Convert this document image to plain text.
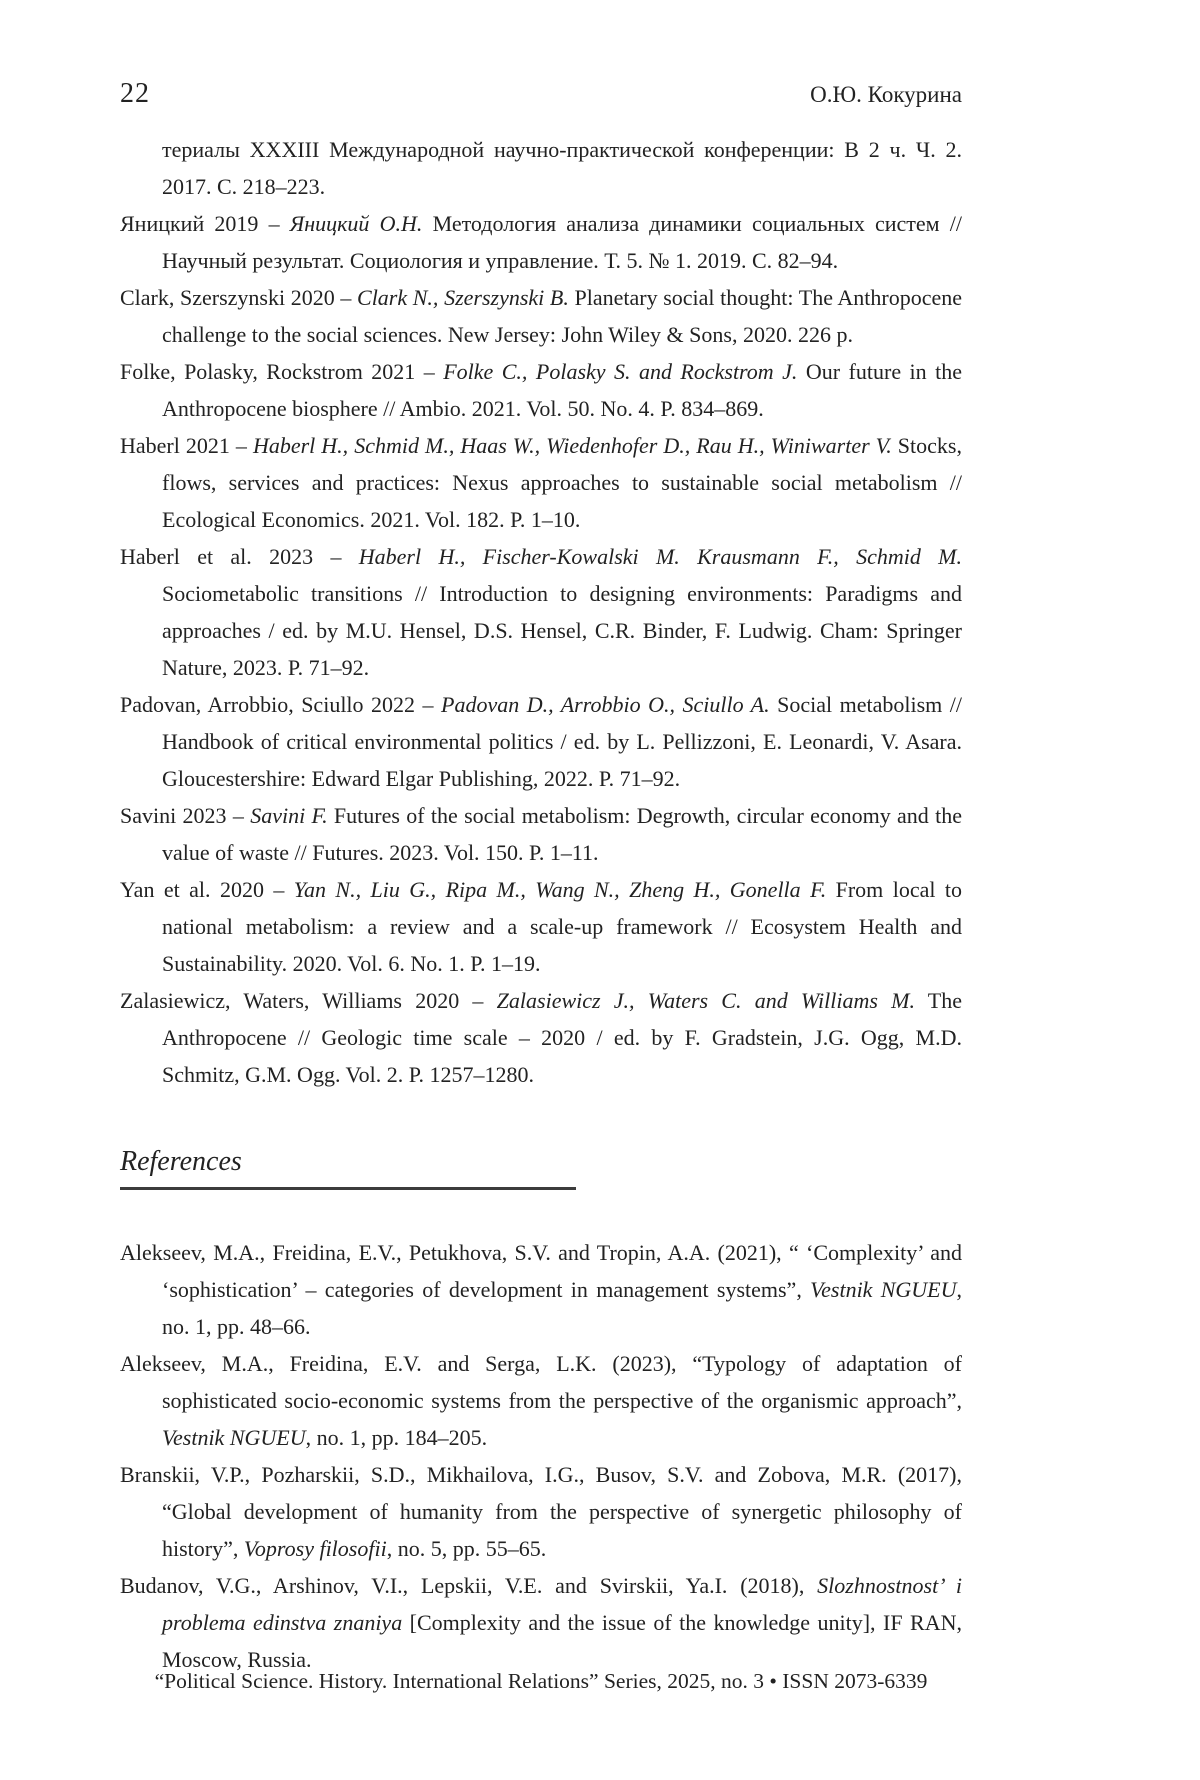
22	О.Ю. Кокурина

териалы XXXIII Международной научно-практической конференции: В 2 ч. Ч. 2. 2017. С. 218–223.

Яницкий 2019 – Яницкий О.Н. Методология анализа динамики социальных систем // Научный результат. Социология и управление. Т. 5. № 1. 2019. С. 82–94.

Clark, Szerszynski 2020 – Clark N., Szerszynski B. Planetary social thought: The Anthropocene challenge to the social sciences. New Jersey: John Wiley & Sons, 2020. 226 p.

Folke, Polasky, Rockstrom 2021 – Folke C., Polasky S. and Rockstrom J. Our future in the Anthropocene biosphere // Ambio. 2021. Vol. 50. No. 4. P. 834–869.

Haberl 2021 – Haberl H., Schmid M., Haas W., Wiedenhofer D., Rau H., Winiwarter V. Stocks, flows, services and practices: Nexus approaches to sustainable social metabolism // Ecological Economics. 2021. Vol. 182. P. 1–10.

Haberl et al. 2023 – Haberl H., Fischer-Kowalski M. Krausmann F., Schmid M. Sociometabolic transitions // Introduction to designing environments: Paradigms and approaches / ed. by M.U. Hensel, D.S. Hensel, C.R. Binder, F. Ludwig. Cham: Springer Nature, 2023. P. 71–92.

Padovan, Arrobbio, Sciullo 2022 – Padovan D., Arrobbio O., Sciullo A. Social metabolism // Handbook of critical environmental politics / ed. by L. Pellizzoni, E. Leonardi, V. Asara. Gloucestershire: Edward Elgar Publishing, 2022. P. 71–92.

Savini 2023 – Savini F. Futures of the social metabolism: Degrowth, circular economy and the value of waste // Futures. 2023. Vol. 150. P. 1–11.

Yan et al. 2020 – Yan N., Liu G., Ripa M., Wang N., Zheng H., Gonella F. From local to national metabolism: a review and a scale-up framework // Ecosystem Health and Sustainability. 2020. Vol. 6. No. 1. P. 1–19.

Zalasiewicz, Waters, Williams 2020 – Zalasiewicz J., Waters C. and Williams M. The Anthropocene // Geologic time scale – 2020 / ed. by F. Gradstein, J.G. Ogg, M.D. Schmitz, G.M. Ogg. Vol. 2. P. 1257–1280.

References

Alekseev, M.A., Freidina, E.V., Petukhova, S.V. and Tropin, A.A. (2021), “ ‘Complexity’ and ‘sophistication’ – categories of development in management systems”, Vestnik NGUEU, no. 1, pp. 48–66.

Alekseev, M.A., Freidina, E.V. and Serga, L.K. (2023), “Typology of adaptation of sophisticated socio-economic systems from the perspective of the organismic approach”, Vestnik NGUEU, no. 1, pp. 184–205.

Branskii, V.P., Pozharskii, S.D., Mikhailova, I.G., Busov, S.V. and Zobova, M.R. (2017), “Global development of humanity from the perspective of synergetic philosophy of history”, Voprosy filosofii, no. 5, pp. 55–65.

Budanov, V.G., Arshinov, V.I., Lepskii, V.E. and Svirskii, Ya.I. (2018), Slozhnostnost’ i problema edinstva znaniya [Complexity and the issue of the knowledge unity], IF RAN, Moscow, Russia.

“Political Science. History. International Relations” Series, 2025, no. 3 • ISSN 2073-6339
